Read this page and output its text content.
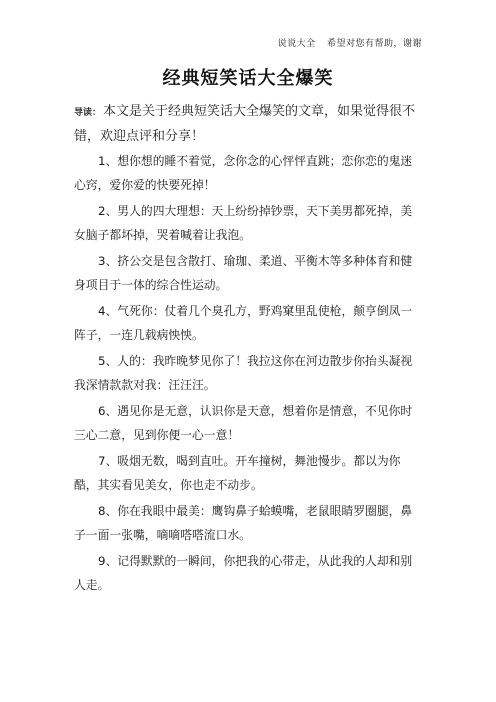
说说大全 希望对您有帮助，谢谢
经典短笑话大全爆笑
导读： 本文是关于经典短笑话大全爆笑的文章，如果觉得很不错，欢迎点评和分享！
1、想你想的睡不着觉，念你念的心怦怦直跳；恋你恋的鬼迷心窍，爱你爱的快要死掉！
2、男人的四大理想：天上纷纷掉钞票，天下美男都死掉，美女脑子都坏掉，哭着喊着让我泡。
3、挤公交是包含散打、瑜珈、柔道、平衡木等多种体育和健身项目于一体的综合性运动。
4、气死你：仗着几个臭孔方，野鸡窠里乱使枪，颠亨倒凤一阵子，一连几载病怏怏。
5、人的：我昨晚梦见你了！我拉这你在河边散步你抬头凝视我深情款款对我：汪汪汪。
6、遇见你是无意，认识你是天意，想着你是情意，不见你时三心二意，见到你便一心一意！
7、吸烟无数，喝到直吐。开车撞树，舞池慢步。都以为你酷，其实看见美女，你也走不动步。
8、你在我眼中最美：鹰钩鼻子蛤蟆嘴，老鼠眼睛罗圈腿，鼻子一面一张嘴，嘀嘀嗒嗒流口水。
9、记得默默的一瞬间，你把我的心带走，从此我的人却和别人走。
